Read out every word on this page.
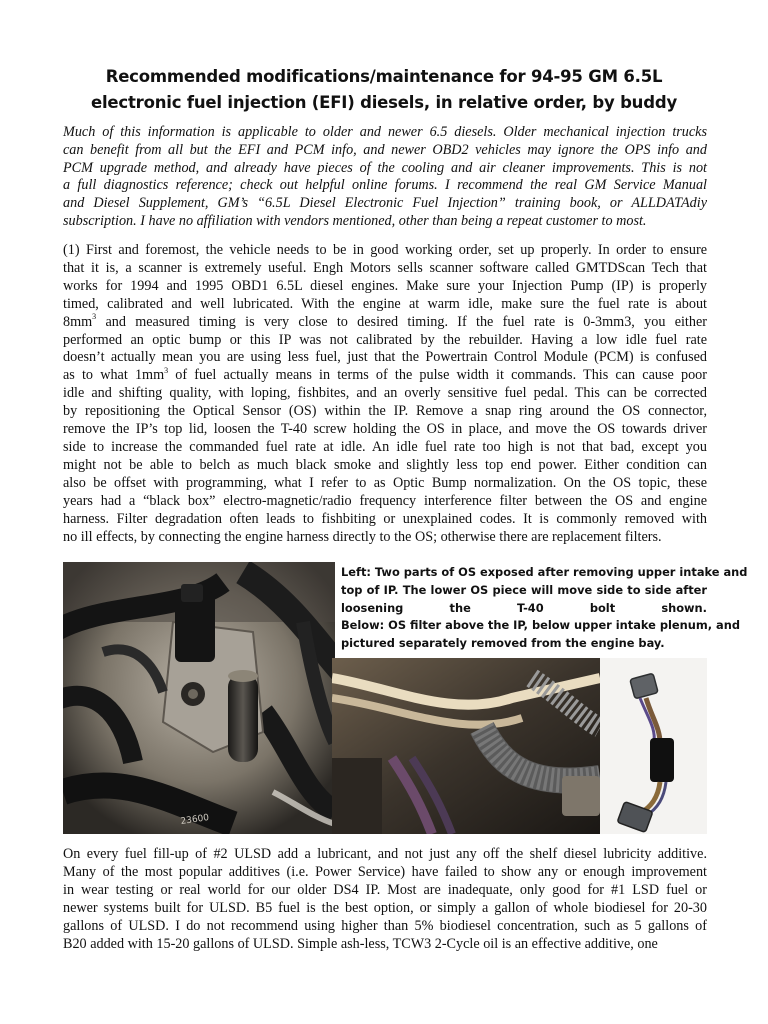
Recommended modifications/maintenance for 94-95 GM 6.5L
electronic fuel injection (EFI) diesels, in relative order, by buddy
Much of this information is applicable to older and newer 6.5 diesels. Older mechanical injection trucks
can benefit from all but the EFI and PCM info, and newer OBD2 vehicles may ignore the OPS info and
PCM upgrade method, and already have pieces of the cooling and air cleaner improvements. This is not
a full diagnostics reference; check out helpful online forums. I recommend the real GM Service Manual
and Diesel Supplement, GM’s “6.5L Diesel Electronic Fuel Injection” training book, or ALLDATAdiy
subscription. I have no affiliation with vendors mentioned, other than being a repeat customer to most.
(1) First and foremost, the vehicle needs to be in good working order, set up properly. In order to ensure
that it is, a scanner is extremely useful. Engh Motors sells scanner software called GMTDScan Tech that
works for 1994 and 1995 OBD1 6.5L diesel engines. Make sure your Injection Pump (IP) is properly
timed, calibrated and well lubricated. With the engine at warm idle, make sure the fuel rate is about
$8mm^3$ and measured timing is very close to desired timing. If the fuel rate is 0-3mm3, you either
performed an optic bump or this IP was not calibrated by the rebuilder. Having a low idle fuel rate
doesn’t actually mean you are using less fuel, just that the Powertrain Control Module (PCM) is confused
as to what $1mm^3$ of fuel actually means in terms of the pulse width it commands. This can cause poor
idle and shifting quality, with loping, fishbites, and an overly sensitive fuel pedal. This can be corrected
by repositioning the Optical Sensor (OS) within the IP. Remove a snap ring around the OS connector,
remove the IP’s top lid, loosen the T-40 screw holding the OS in place, and move the OS towards driver
side to increase the commanded fuel rate at idle. An idle fuel rate too high is not that bad, except you
might not be able to belch as much black smoke and slightly less top end power. Either condition can
also be offset with programming, what I refer to as Optic Bump normalization. On the OS topic, these
years had a “black box” electro-magnetic/radio frequency interference filter between the OS and engine
harness. Filter degradation often leads to fishbiting or unexplained codes. It is commonly removed with
no ill effects, by connecting the engine harness directly to the OS; otherwise there are replacement filters.
23600
Left: Two parts of OS exposed after removing upper intake and
top of IP. The lower OS piece will move side to side after
loosening the T-40 bolt shown.
Below: OS filter above the IP, below upper intake plenum, and
pictured separately removed from the engine bay.
On every fuel fill-up of #2 ULSD add a lubricant, and not just any off the shelf diesel lubricity additive.
Many of the most popular additives (i.e. Power Service) have failed to show any or enough improvement
in wear testing or real world for our older DS4 IP. Most are inadequate, only good for #1 LSD fuel or
newer systems built for ULSD. B5 fuel is the best option, or simply a gallon of whole biodiesel for 20-30
gallons of ULSD. I do not recommend using higher than 5% biodiesel concentration, such as 5 gallons of
B20 added with 15-20 gallons of ULSD. Simple ash-less, TCW3 2-Cycle oil is an effective additive, one
